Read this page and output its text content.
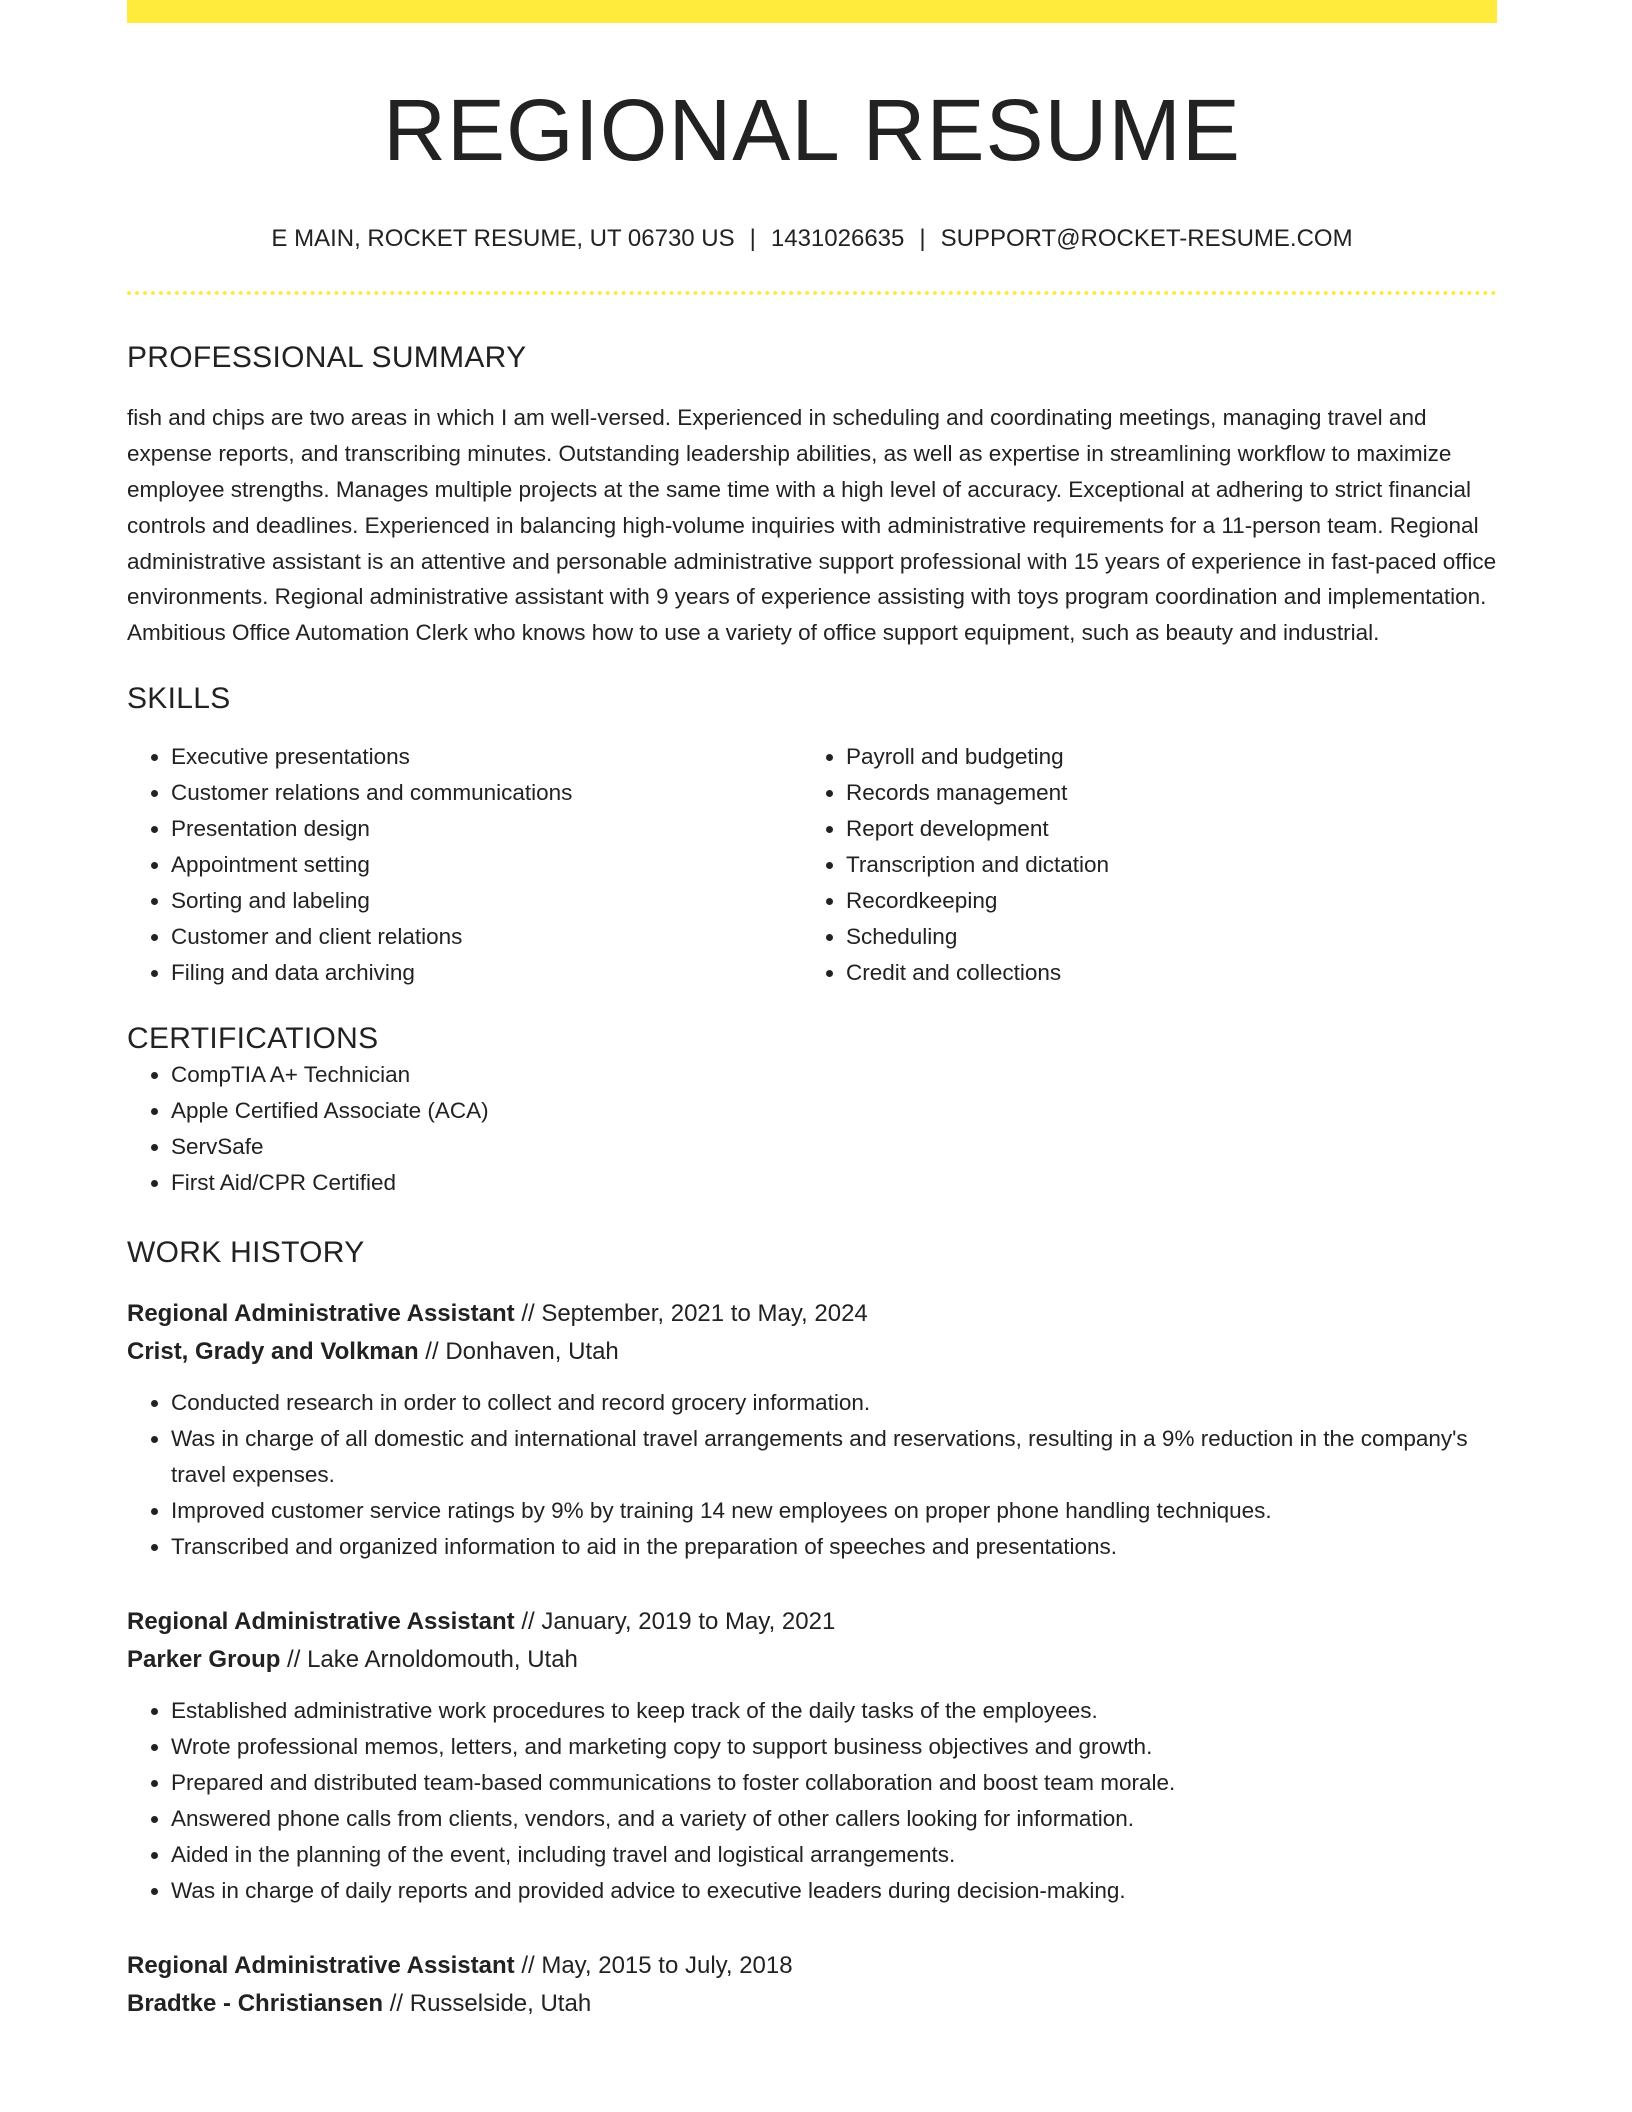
REGIONAL RESUME
E MAIN, ROCKET RESUME, UT 06730 US | 1431026635 | SUPPORT@ROCKET-RESUME.COM
PROFESSIONAL SUMMARY
fish and chips are two areas in which I am well-versed. Experienced in scheduling and coordinating meetings, managing travel and expense reports, and transcribing minutes. Outstanding leadership abilities, as well as expertise in streamlining workflow to maximize employee strengths. Manages multiple projects at the same time with a high level of accuracy. Exceptional at adhering to strict financial controls and deadlines. Experienced in balancing high-volume inquiries with administrative requirements for a 11-person team. Regional administrative assistant is an attentive and personable administrative support professional with 15 years of experience in fast-paced office environments. Regional administrative assistant with 9 years of experience assisting with toys program coordination and implementation. Ambitious Office Automation Clerk who knows how to use a variety of office support equipment, such as beauty and industrial.
SKILLS
• Executive presentations
• Customer relations and communications
• Presentation design
• Appointment setting
• Sorting and labeling
• Customer and client relations
• Filing and data archiving
• Payroll and budgeting
• Records management
• Report development
• Transcription and dictation
• Recordkeeping
• Scheduling
• Credit and collections
CERTIFICATIONS
• CompTIA A+ Technician
• Apple Certified Associate (ACA)
• ServSafe
• First Aid/CPR Certified
WORK HISTORY
Regional Administrative Assistant // September, 2021 to May, 2024
Crist, Grady and Volkman // Donhaven, Utah
• Conducted research in order to collect and record grocery information.
• Was in charge of all domestic and international travel arrangements and reservations, resulting in a 9% reduction in the company's travel expenses.
• Improved customer service ratings by 9% by training 14 new employees on proper phone handling techniques.
• Transcribed and organized information to aid in the preparation of speeches and presentations.
Regional Administrative Assistant // January, 2019 to May, 2021
Parker Group // Lake Arnoldomouth, Utah
• Established administrative work procedures to keep track of the daily tasks of the employees.
• Wrote professional memos, letters, and marketing copy to support business objectives and growth.
• Prepared and distributed team-based communications to foster collaboration and boost team morale.
• Answered phone calls from clients, vendors, and a variety of other callers looking for information.
• Aided in the planning of the event, including travel and logistical arrangements.
• Was in charge of daily reports and provided advice to executive leaders during decision-making.
Regional Administrative Assistant // May, 2015 to July, 2018
Bradtke - Christiansen // Russelside, Utah
